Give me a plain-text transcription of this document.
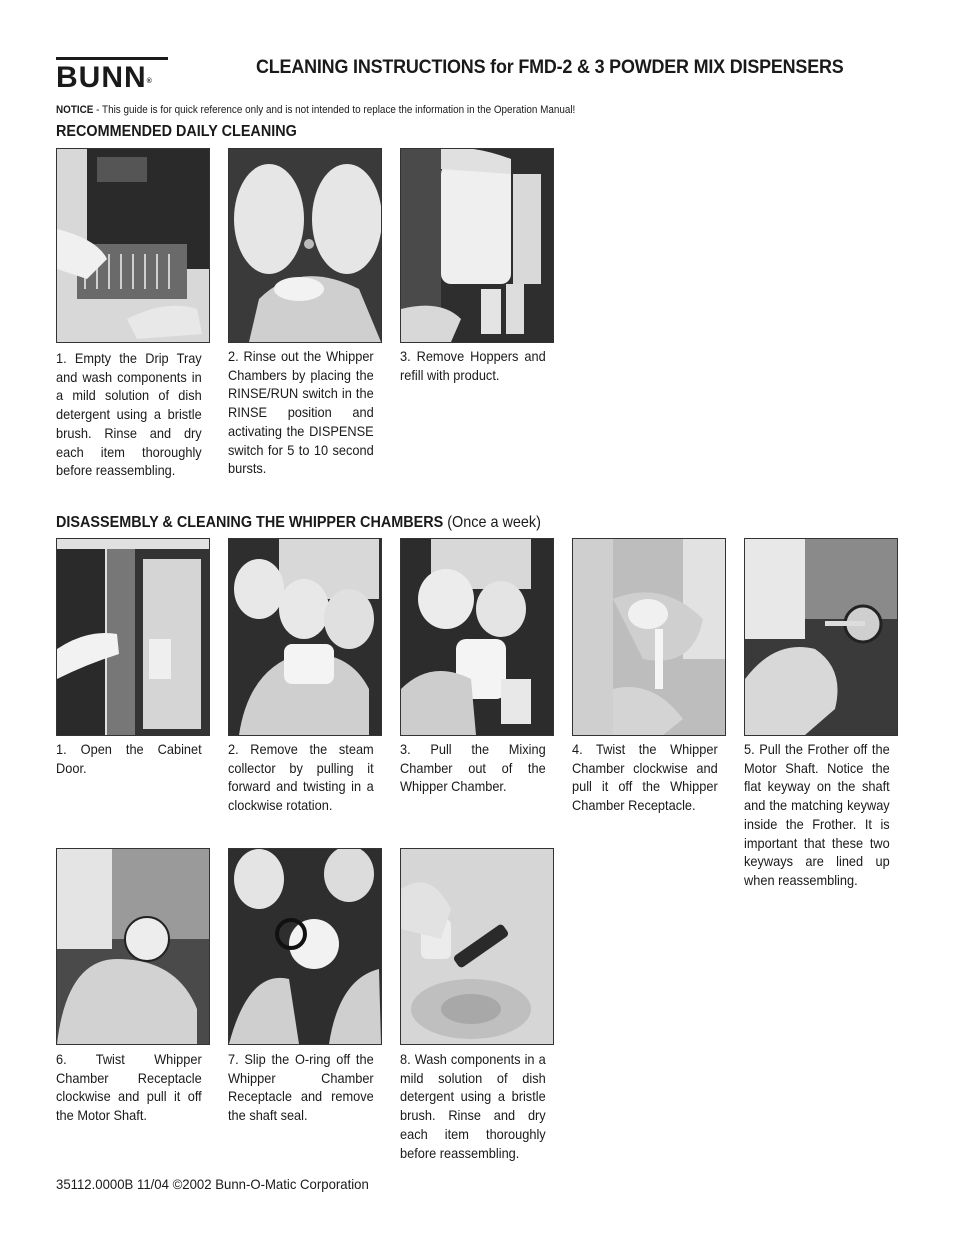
BUNN®
CLEANING INSTRUCTIONS for FMD-2 & 3 POWDER MIX DISPENSERS
NOTICE - This guide is for quick reference only and is not intended to replace the information in the Operation Manual!
RECOMMENDED DAILY CLEANING
1. Empty the Drip Tray and wash components in a mild solution of dish detergent using a bristle brush. Rinse and dry each item thoroughly before reassembling.
2. Rinse out the Whipper Chambers by placing the RINSE/RUN switch in the RINSE position and activating the DISPENSE switch for 5 to 10 second bursts.
3. Remove Hoppers and refill with product.
DISASSEMBLY & CLEANING THE WHIPPER CHAMBERS (Once a week)
1. Open the Cabinet Door.
2. Remove the steam collector by pulling it forward and twisting in a clockwise rotation.
3. Pull the Mixing Chamber out of the Whipper Chamber.
4. Twist the Whipper Chamber clockwise and pull it off the Whipper Chamber Receptacle.
5. Pull the Frother off the Motor Shaft. Notice the flat keyway on the shaft and the matching keyway inside the Frother. It is important that these two keyways are lined up when reassembling.
6. Twist Whipper Chamber Receptacle clockwise and pull it off the Motor Shaft.
7. Slip the O-ring off the Whipper Chamber Receptacle and remove the shaft seal.
8. Wash components in a mild solution of dish detergent using a bristle brush. Rinse and dry each item thoroughly before reassembling.
35112.0000B 11/04 ©2002 Bunn-O-Matic Corporation
